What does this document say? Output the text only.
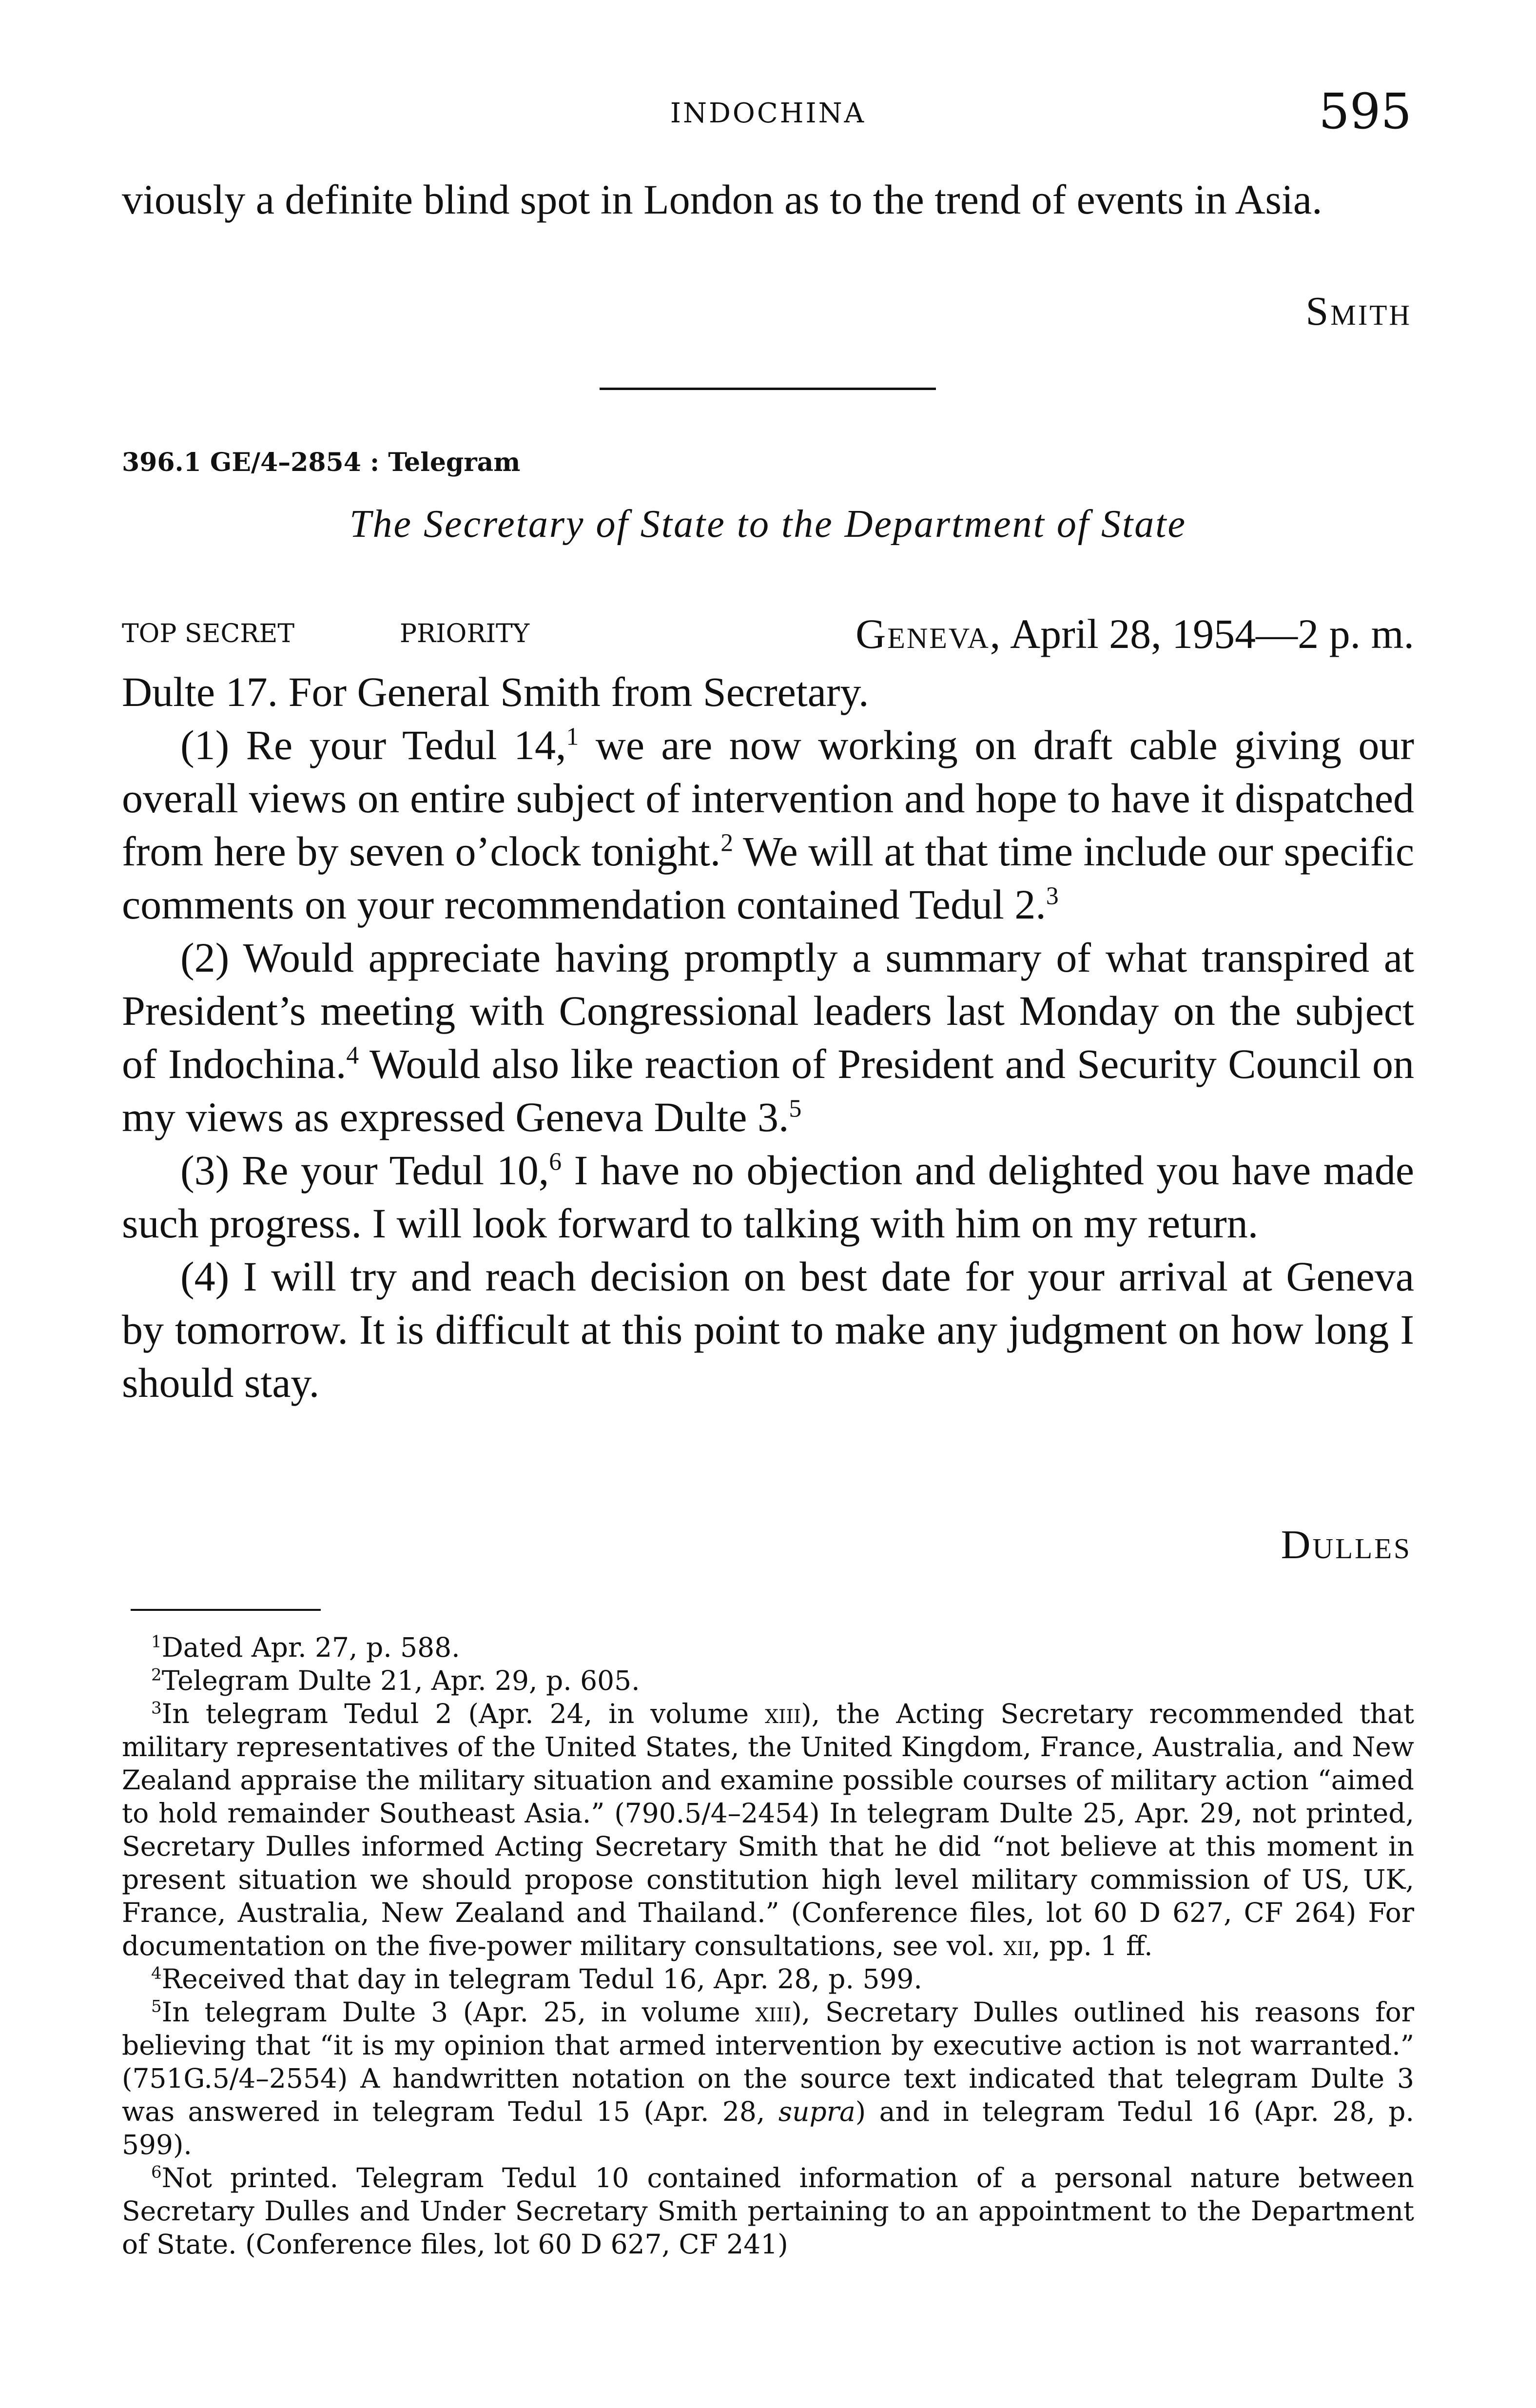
INDOCHINA	595

viously a definite blind spot in London as to the trend of events in Asia.

Smith
396.1 GE/4–2854 : Telegram
The Secretary of State to the Department of State
TOP SECRET	PRIORITY	Geneva, April 28, 1954—2 p. m.

Dulte 17. For General Smith from Secretary.

(1) Re your Tedul 14,$^1$ we are now working on draft cable giving our overall views on entire subject of intervention and hope to have it dispatched from here by seven o’clock tonight.$^2$ We will at that time include our specific comments on your recommendation contained Tedul 2.$^3$

(2) Would appreciate having promptly a summary of what transpired at President’s meeting with Congressional leaders last Monday on the subject of Indochina.$^4$ Would also like reaction of President and Security Council on my views as expressed Geneva Dulte 3.$^5$

(3) Re your Tedul 10,$^6$ I have no objection and delighted you have made such progress. I will look forward to talking with him on my return.

(4) I will try and reach decision on best date for your arrival at Geneva by tomorrow. It is difficult at this point to make any judgment on how long I should stay.

Dulles

$^1$Dated Apr. 27, p. 588.

$^2$Telegram Dulte 21, Apr. 29, p. 605.

$^3$In telegram Tedul 2 (Apr. 24, in volume xiii), the Acting Secretary recommended that military representatives of the United States, the United Kingdom, France, Australia, and New Zealand appraise the military situation and examine possible courses of military action “aimed to hold remainder Southeast Asia.” (790.5/4–2454) In telegram Dulte 25, Apr. 29, not printed, Secretary Dulles informed Acting Secretary Smith that he did “not believe at this moment in present situation we should propose constitution high level military commission of US, UK, France, Australia, New Zealand and Thailand.” (Conference files, lot 60 D 627, CF 264) For documentation on the five-power military consultations, see vol. xii, pp. 1 ff.

$^4$Received that day in telegram Tedul 16, Apr. 28, p. 599.

$^5$In telegram Dulte 3 (Apr. 25, in volume xiii), Secretary Dulles outlined his reasons for believing that “it is my opinion that armed intervention by executive action is not warranted.” (751G.5/4–2554) A handwritten notation on the source text indicated that telegram Dulte 3 was answered in telegram Tedul 15 (Apr. 28, supra) and in telegram Tedul 16 (Apr. 28, p. 599).

$^6$Not printed. Telegram Tedul 10 contained information of a personal nature between Secretary Dulles and Under Secretary Smith pertaining to an appointment to the Department of State. (Conference files, lot 60 D 627, CF 241)
